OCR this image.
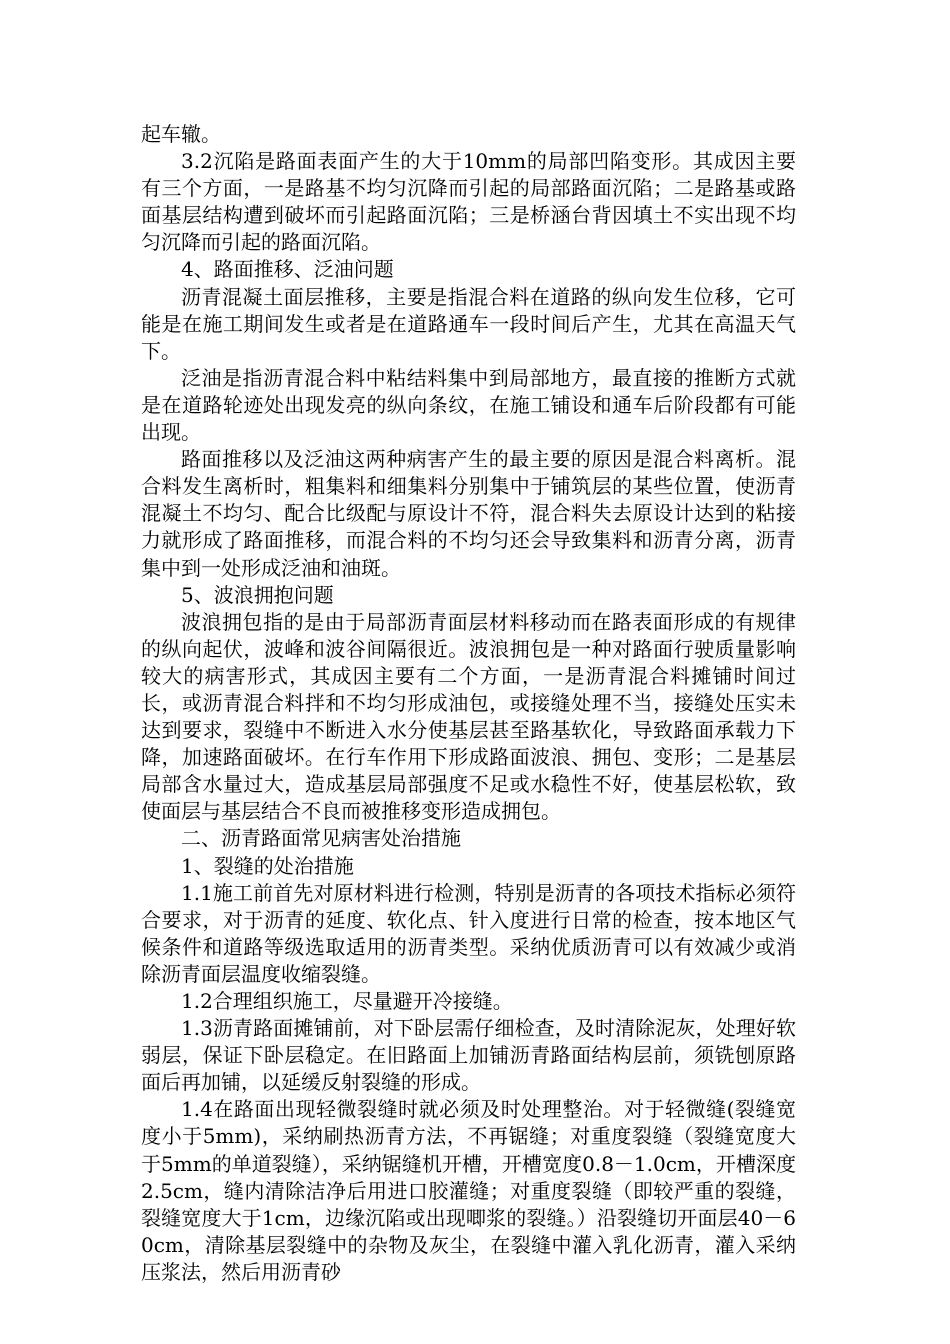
起车辙。

3.2沉陷是路面表面产生的大于10mm的局部凹陷变形。其成因主要有三个方面，一是路基不均匀沉降而引起的局部路面沉陷；二是路基或路面基层结构遭到破坏而引起路面沉陷；三是桥涵台背因填土不实出现不均匀沉降而引起的路面沉陷。

4、路面推移、泛油问题

沥青混凝土面层推移，主要是指混合料在道路的纵向发生位移，它可能是在施工期间发生或者是在道路通车一段时间后产生，尤其在高温天气下。

泛油是指沥青混合料中粘结料集中到局部地方，最直接的推断方式就是在道路轮迹处出现发亮的纵向条纹，在施工铺设和通车后阶段都有可能出现。

路面推移以及泛油这两种病害产生的最主要的原因是混合料离析。混合料发生离析时，粗集料和细集料分别集中于铺筑层的某些位置，使沥青混凝土不均匀、配合比级配与原设计不符，混合料失去原设计达到的粘接力就形成了路面推移，而混合料的不均匀还会导致集料和沥青分离，沥青集中到一处形成泛油和油斑。

5、波浪拥抱问题

波浪拥包指的是由于局部沥青面层材料移动而在路表面形成的有规律的纵向起伏，波峰和波谷间隔很近。波浪拥包是一种对路面行驶质量影响较大的病害形式，其成因主要有二个方面，一是沥青混合料摊铺时间过长，或沥青混合料拌和不均匀形成油包，或接缝处理不当，接缝处压实未达到要求，裂缝中不断进入水分使基层甚至路基软化，导致路面承载力下降，加速路面破坏。在行车作用下形成路面波浪、拥包、变形；二是基层局部含水量过大，造成基层局部强度不足或水稳性不好，使基层松软，致使面层与基层结合不良而被推移变形造成拥包。

二、沥青路面常见病害处治措施

1、裂缝的处治措施

1.1施工前首先对原材料进行检测，特别是沥青的各项技术指标必须符合要求，对于沥青的延度、软化点、针入度进行日常的检查，按本地区气候条件和道路等级选取适用的沥青类型。采纳优质沥青可以有效减少或消除沥青面层温度收缩裂缝。

1.2合理组织施工，尽量避开冷接缝。

1.3沥青路面摊铺前，对下卧层需仔细检查，及时清除泥灰，处理好软弱层，保证下卧层稳定。在旧路面上加铺沥青路面结构层前，须铣刨原路面后再加铺，以延缓反射裂缝的形成。

1.4在路面出现轻微裂缝时就必须及时处理整治。对于轻微缝(裂缝宽度小于5mm)，采纳刷热沥青方法，不再锯缝；对重度裂缝（裂缝宽度大于5mm的单道裂缝），采纳锯缝机开槽，开槽宽度0.8－1.0cm，开槽深度2.5cm，缝内清除洁净后用进口胶灌缝；对重度裂缝（即较严重的裂缝，裂缝宽度大于1cm，边缘沉陷或出现唧浆的裂缝。）沿裂缝切开面层40－60cm，清除基层裂缝中的杂物及灰尘，在裂缝中灌入乳化沥青，灌入采纳压浆法，然后用沥青砂
